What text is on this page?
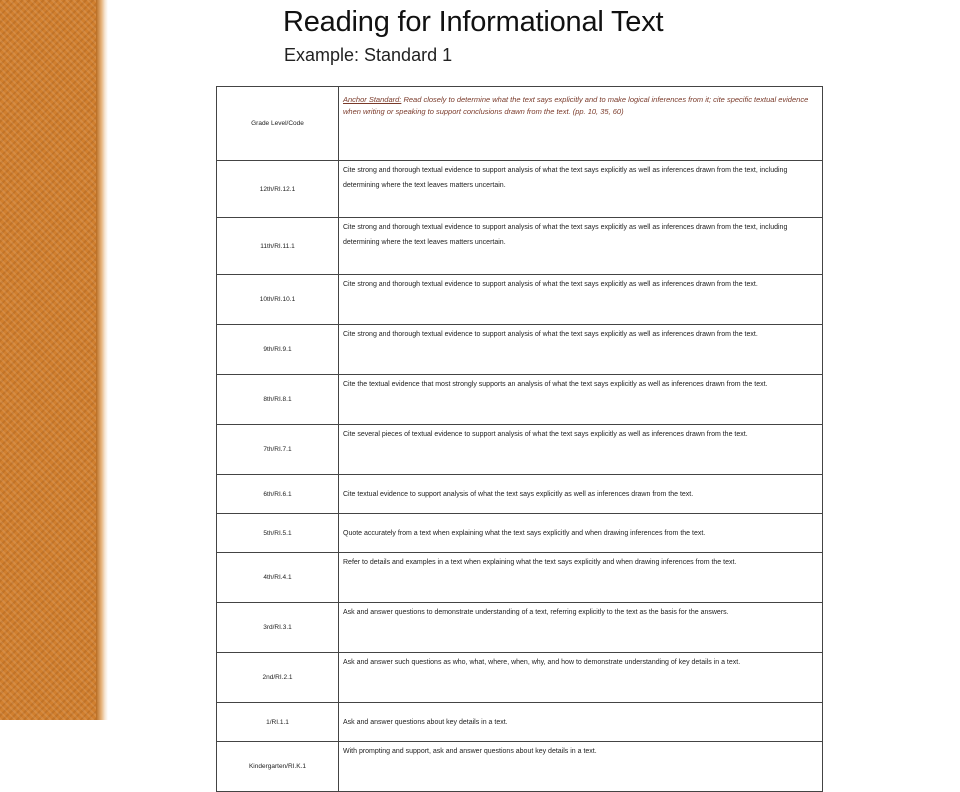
Reading for Informational Text
Example: Standard 1
Grade Level/Code	Anchor Standard: Read closely to determine what the text says explicitly and to make logical inferences from it; cite specific textual evidence when writing or speaking to support conclusions drawn from the text. (pp. 10, 35, 60)
12th/RI.12.1	Cite strong and thorough textual evidence to support analysis of what the text says explicitly as well as inferences drawn from the text, including determining where the text leaves matters uncertain.
11th/RI.11.1	Cite strong and thorough textual evidence to support analysis of what the text says explicitly as well as inferences drawn from the text, including determining where the text leaves matters uncertain.
10th/RI.10.1	Cite strong and thorough textual evidence to support analysis of what the text says explicitly as well as inferences drawn from the text.
9th/RI.9.1	Cite strong and thorough textual evidence to support analysis of what the text says explicitly as well as inferences drawn from the text.
8th/RI.8.1	Cite the textual evidence that most strongly supports an analysis of what the text says explicitly as well as inferences drawn from the text.
7th/RI.7.1	Cite several pieces of textual evidence to support analysis of what the text says explicitly as well as inferences drawn from the text.
6th/RI.6.1	Cite textual evidence to support analysis of what the text says explicitly as well as inferences drawn from the text.
5th/RI.5.1	Quote accurately from a text when explaining what the text says explicitly and when drawing inferences from the text.
4th/RI.4.1	Refer to details and examples in a text when explaining what the text says explicitly and when drawing inferences from the text.
3rd/RI.3.1	Ask and answer questions to demonstrate understanding of a text, referring explicitly to the text as the basis for the answers.
2nd/RI.2.1	Ask and answer such questions as who, what, where, when, why, and how to demonstrate understanding of key details in a text.
1/RI.1.1	Ask and answer questions about key details in a text.
Kindergarten/RI.K.1	With prompting and support, ask and answer questions about key details in a text.
